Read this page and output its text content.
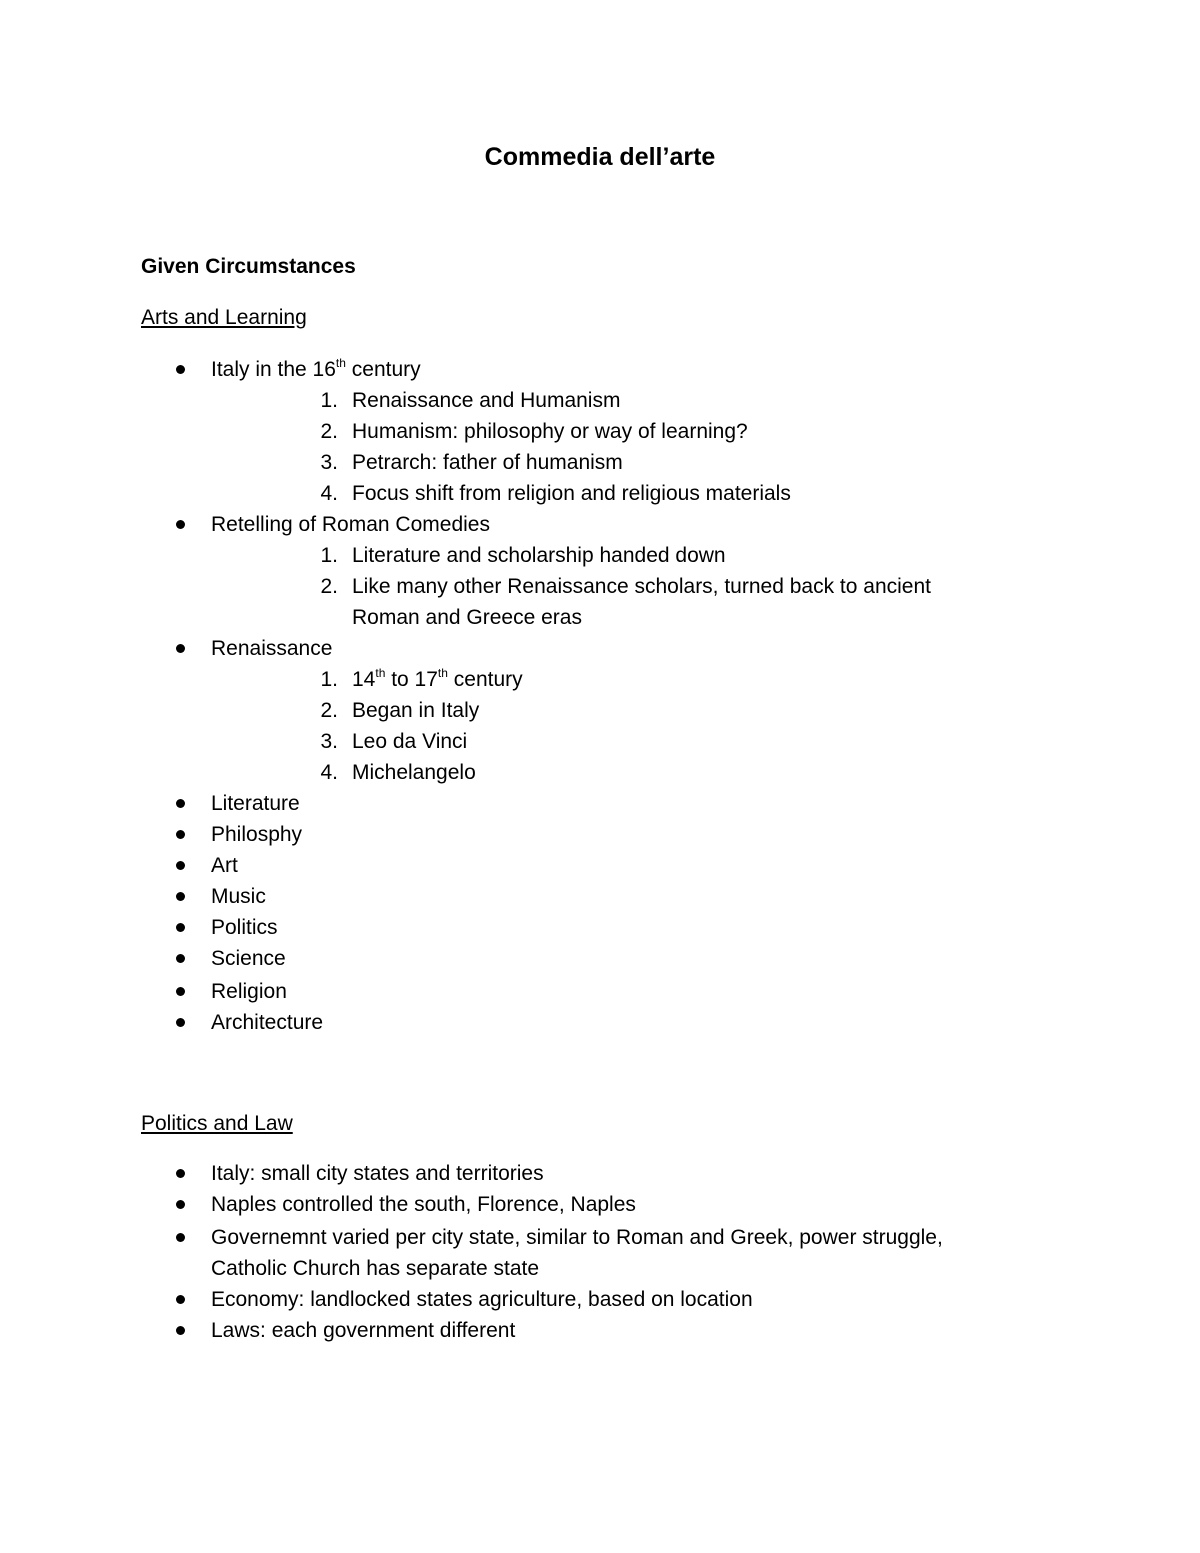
Commedia dell’arte
Given Circumstances
Arts and Learning
Italy in the 16th century
1. Renaissance and Humanism
2. Humanism: philosophy or way of learning?
3. Petrarch: father of humanism
4. Focus shift from religion and religious materials
Retelling of Roman Comedies
1. Literature and scholarship handed down
2. Like many other Renaissance scholars, turned back to ancient
Roman and Greece eras
Renaissance
1. 14th to 17th century
2. Began in Italy
3. Leo da Vinci
4. Michelangelo
Literature
Philosphy
Art
Music
Politics
Science
Religion
Architecture
Politics and Law
Italy: small city states and territories
Naples controlled the south, Florence, Naples
Governemnt varied per city state, similar to Roman and Greek, power struggle,
Catholic Church has separate state
Economy: landlocked states agriculture, based on location
Laws: each government different
